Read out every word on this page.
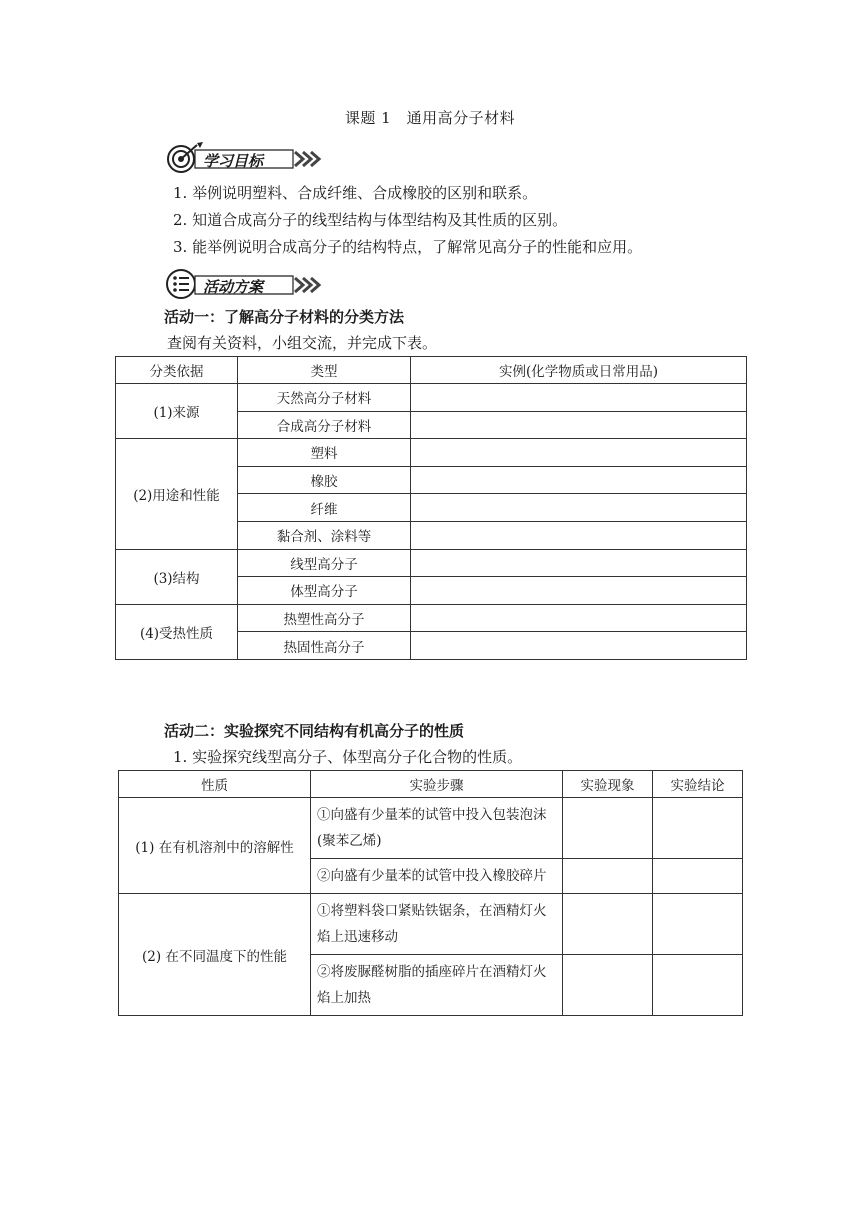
课题 1　通用高分子材料
学习目标
1. 举例说明塑料、合成纤维、合成橡胶的区别和联系。
2. 知道合成高分子的线型结构与体型结构及其性质的区别。
3. 能举例说明合成高分子的结构特点，了解常见高分子的性能和应用。
活动方案
活动一：了解高分子材料的分类方法
查阅有关资料，小组交流，并完成下表。
分类依据	类型	实例(化学物质或日常用品)
(1)来源	天然高分子材料	
	合成高分子材料	
(2)用途和性能	塑料	
	橡胶	
	纤维	
	黏合剂、涂料等	
(3)结构	线型高分子	
	体型高分子	
(4)受热性质	热塑性高分子	
	热固性高分子	
活动二：实验探究不同结构有机高分子的性质
1. 实验探究线型高分子、体型高分子化合物的性质。
性质	实验步骤	实验现象	实验结论
(1) 在有机溶剂中的溶解性	①向盛有少量苯的试管中投入包装泡沫(聚苯乙烯)		
	②向盛有少量苯的试管中投入橡胶碎片		
(2) 在不同温度下的性能	①将塑料袋口紧贴铁锯条，在酒精灯火焰上迅速移动		
	②将废脲醛树脂的插座碎片在酒精灯火焰上加热		
